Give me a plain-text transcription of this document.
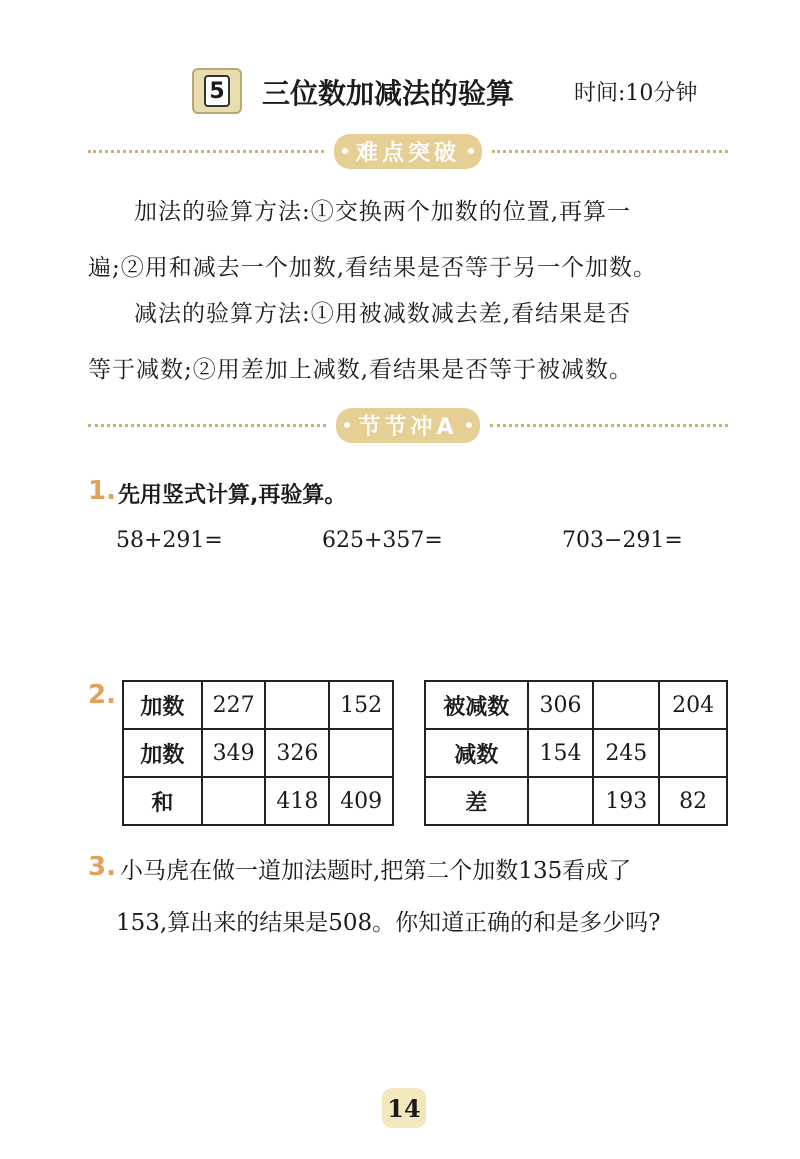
5 三位数加减法的验算	时间:10分钟
难点突破
加法的验算方法:①交换两个加数的位置,再算一
遍;②用和减去一个加数,看结果是否等于另一个加数。
减法的验算方法:①用被减数减去差,看结果是否
等于减数;②用差加上减数,看结果是否等于被减数。
节节冲A
1. 先用竖式计算,再验算。
58+291=	625+357=	703−291=
2. 加数	227		152
加数	349	326	
和		418	409
被减数	306		204
减数	154	245	
差		193	82
3. 小马虎在做一道加法题时,把第二个加数135看成了
153,算出来的结果是508。你知道正确的和是多少吗?
14
